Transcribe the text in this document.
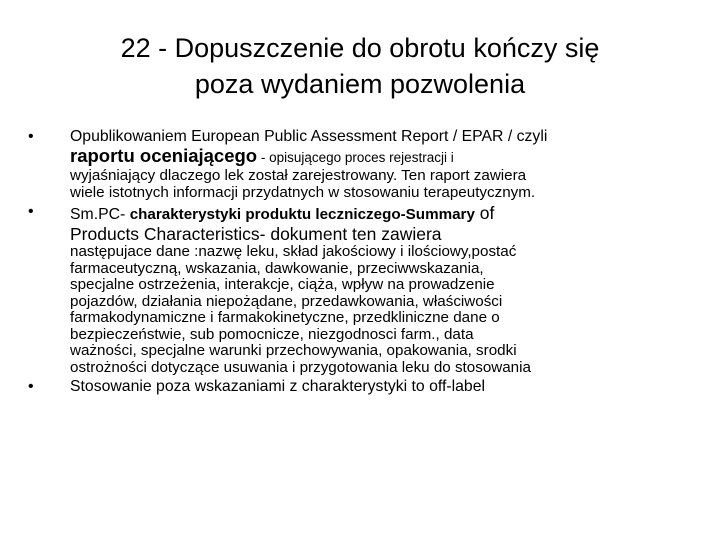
22 - Dopuszczenie do obrotu kończy się
poza wydaniem pozwolenia
• Opublikowaniem European Public Assessment Report / EPAR / czyli
raportu oceniającego - opisującego proces rejestracji i
wyjaśniający dlaczego lek został zarejestrowany. Ten raport zawiera
wiele istotnych informacji przydatnych w stosowaniu terapeutycznym.
• Sm.PC- charakterystyki produktu leczniczego-Summary of
Products Characteristics- dokument ten zawiera
następujace dane :nazwę leku, skład jakościowy i ilościowy,postać
farmaceutyczną, wskazania, dawkowanie, przeciwwskazania,
specjalne ostrzeżenia, interakcje, ciąża, wpływ na prowadzenie
pojazdów, działania niepożądane, przedawkowania, właściwości
farmakodynamiczne i farmakokinetyczne, przedkliniczne dane o
bezpieczeństwie, sub pomocnicze, niezgodnosci farm., data
ważności, specjalne warunki przechowywania, opakowania, srodki
ostrożności dotyczące usuwania i przygotowania leku do stosowania
• Stosowanie poza wskazaniami z charakterystyki to off-label
